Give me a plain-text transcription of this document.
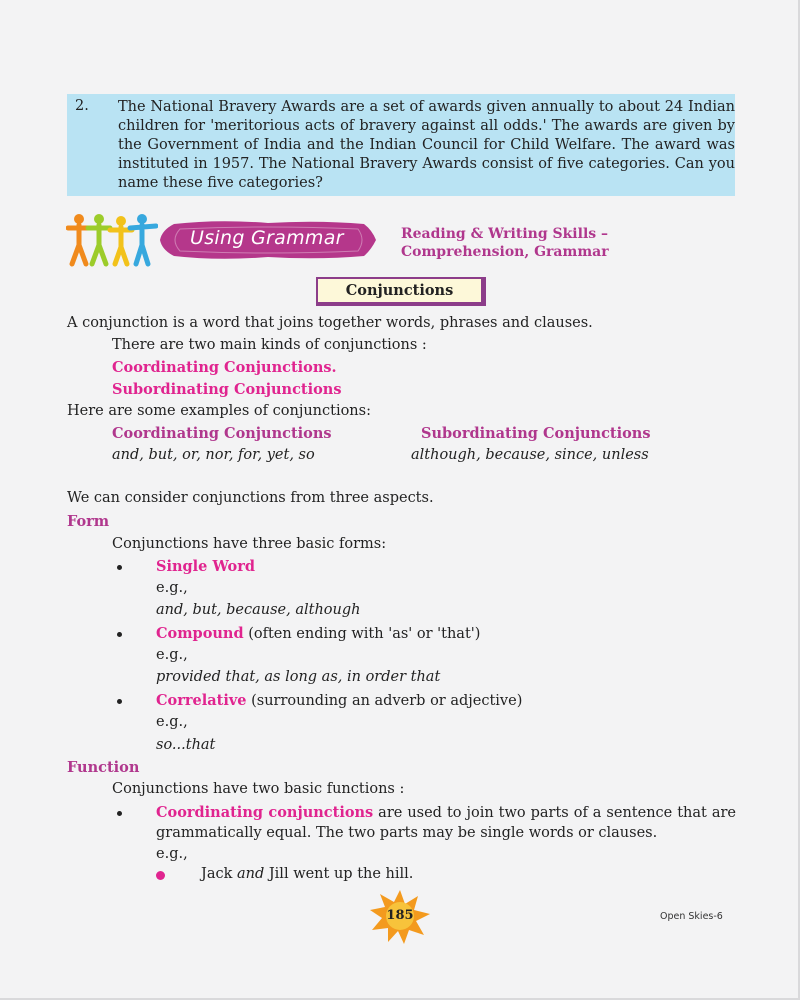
2. The National Bravery Awards are a set of awards given annually to about 24 Indian children for 'meritorious acts of bravery against all odds.' The awards are given by the Government of India and the Indian Council for Child Welfare. The award was instituted in 1957. The National Bravery Awards consist of five categories. Can you name these five categories?
Using Grammar	Reading & Writing Skills –
Comprehension, Grammar
Conjunctions
A conjunction is a word that joins together words, phrases and clauses.
There are two main kinds of conjunctions :
Coordinating Conjunctions.
Subordinating Conjunctions
Here are some examples of conjunctions:
Coordinating Conjunctions	Subordinating Conjunctions
and, but, or, nor, for, yet, so	although, because, since, unless
We can consider conjunctions from three aspects.
Form
Conjunctions have three basic forms:
Single Word
e.g.,
and, but, because, although
Compound (often ending with 'as' or 'that')
e.g.,
provided that, as long as, in order that
Correlative (surrounding an adverb or adjective)
e.g.,
so...that
Function
Conjunctions have two basic functions :
Coordinating conjunctions are used to join two parts of a sentence that are grammatically equal. The two parts may be single words or clauses.
e.g.,
Jack and Jill went up the hill.
185	Open Skies-6
